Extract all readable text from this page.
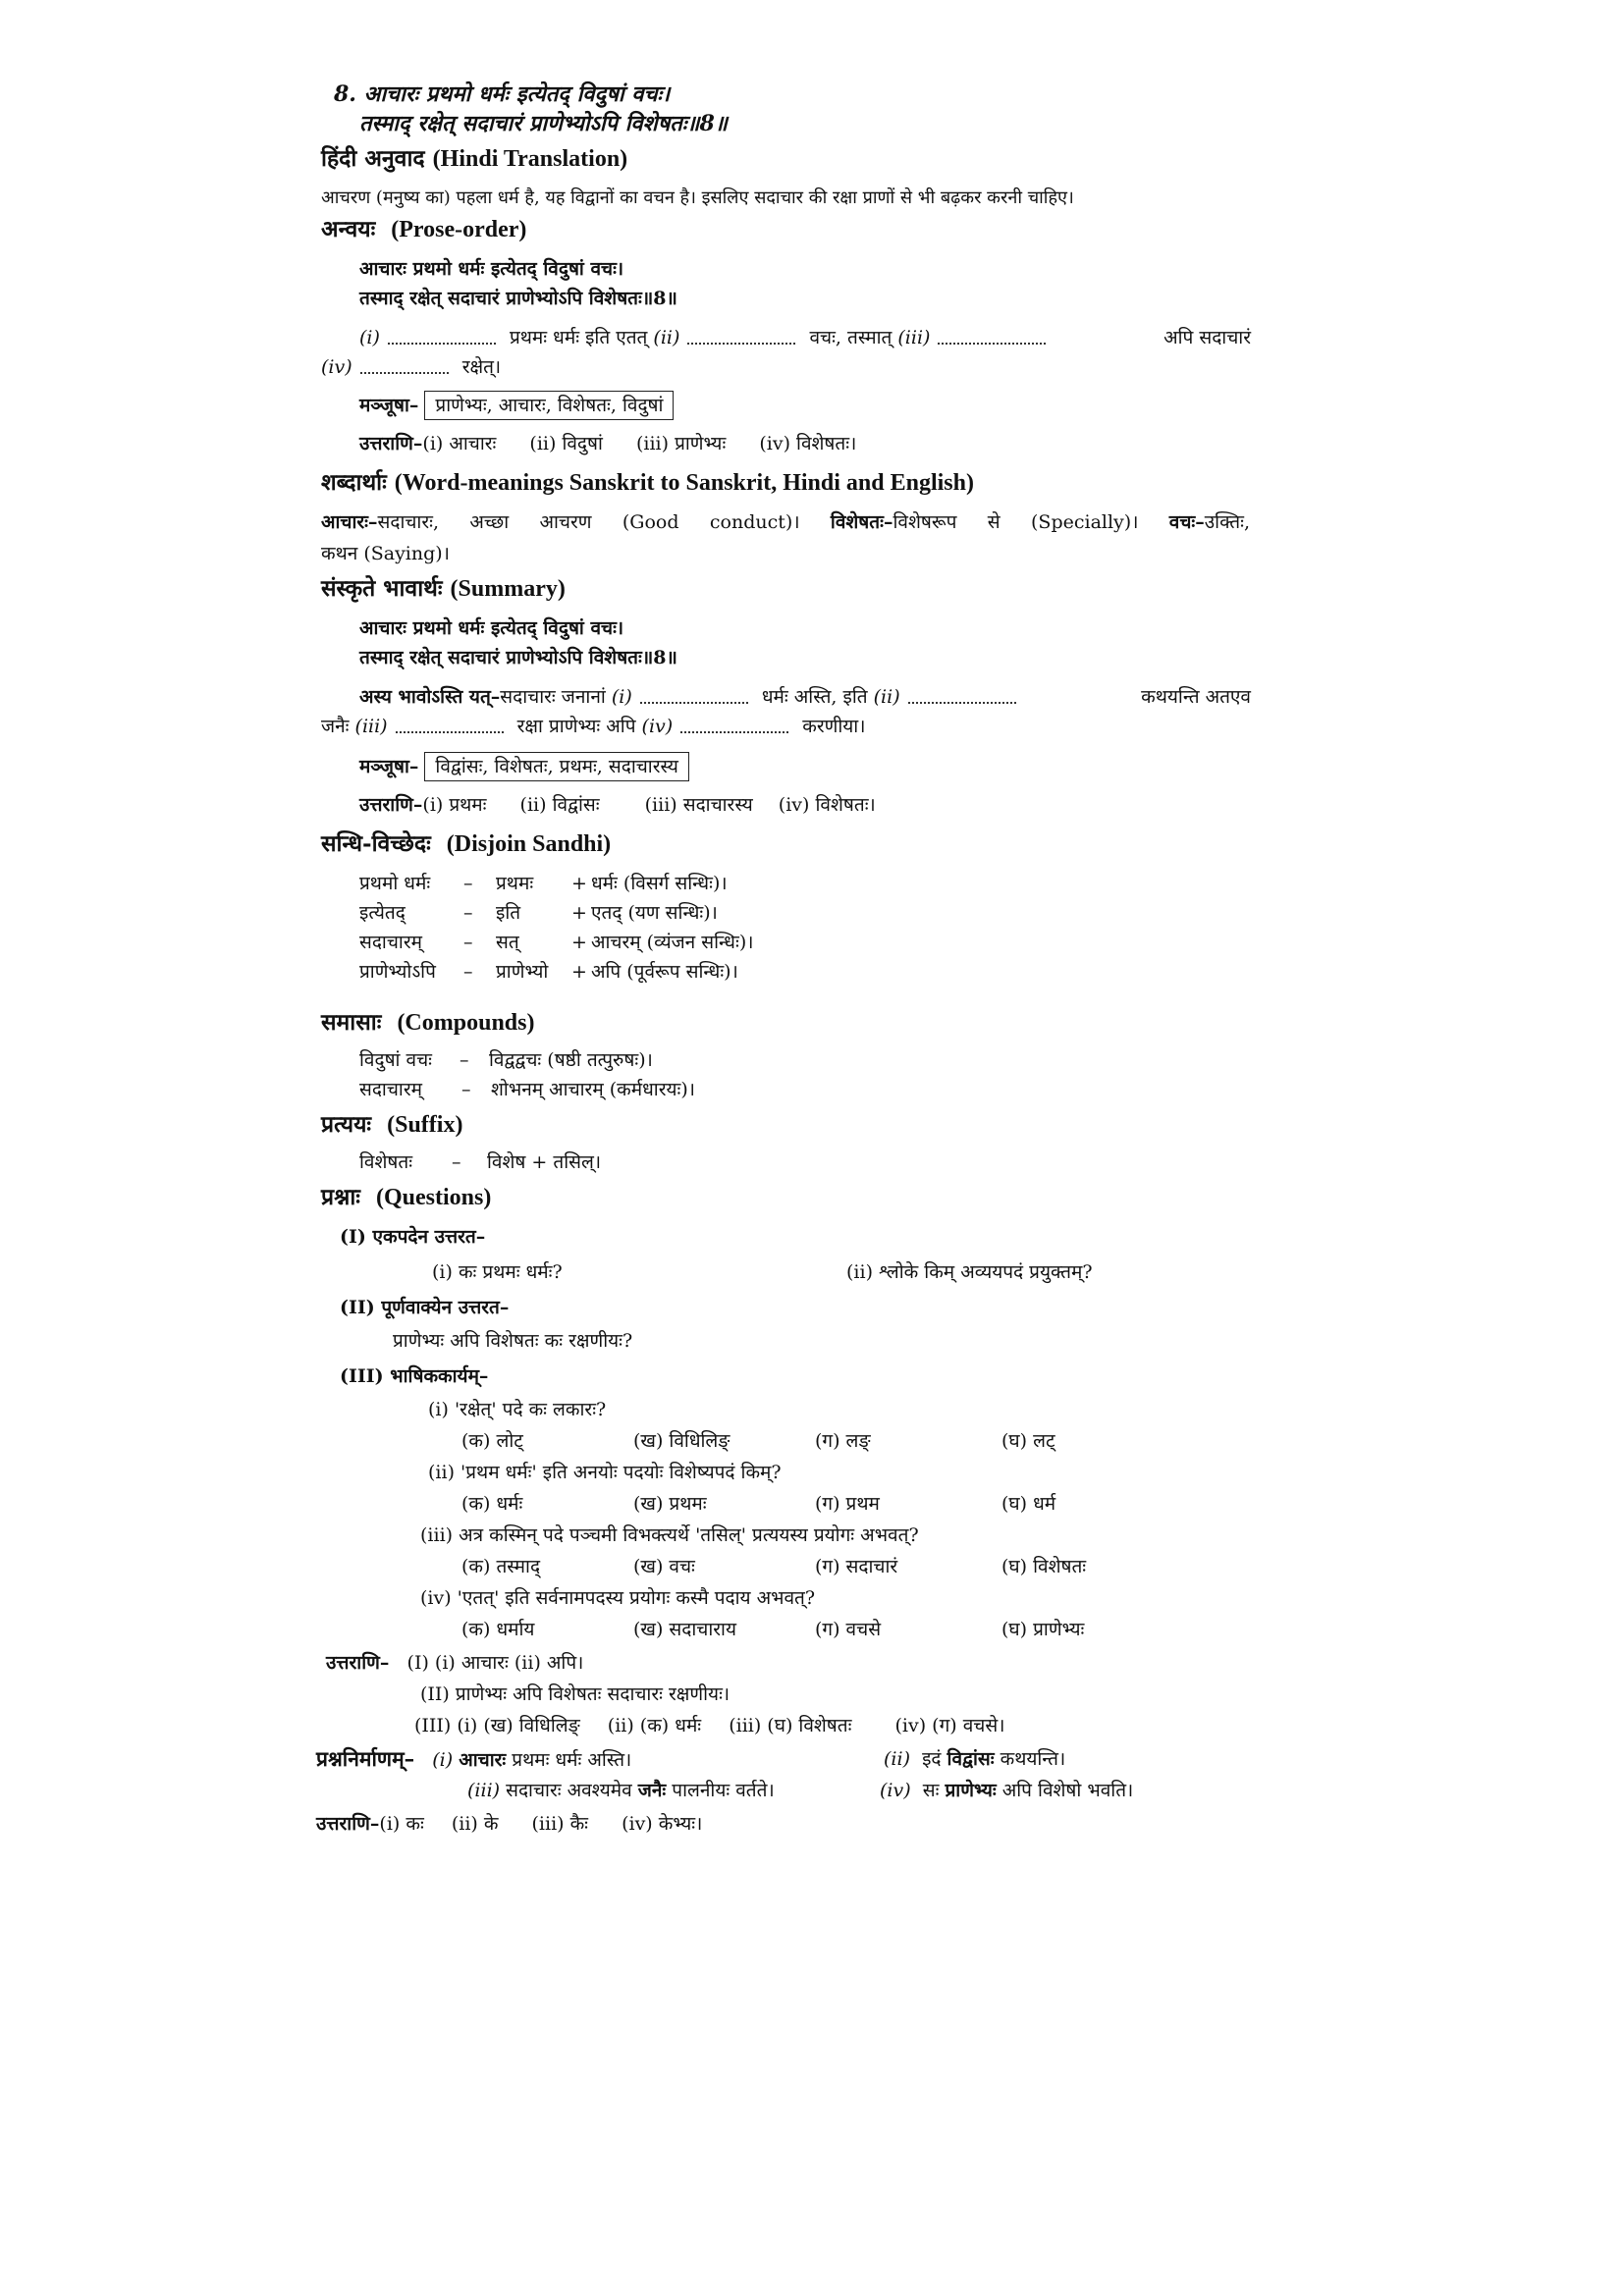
8. आचारः प्रथमो धर्मः इत्येतद् विदुषां वचः।
तस्माद् रक्षेत् सदाचारं प्राणेभ्योऽपि विशेषतः॥8॥
हिंदी अनुवाद (Hindi Translation)
आचरण (मनुष्य का) पहला धर्म है, यह विद्वानों का वचन है। इसलिए सदाचार की रक्षा प्राणों से भी बढ़कर करनी चाहिए।
अन्वयः (Prose-order)
आचारः प्रथमो धर्मः इत्येतद् विदुषां वचः।
तस्माद् रक्षेत् सदाचारं प्राणेभ्योऽपि विशेषतः॥8॥
(i)	प्रथमः धर्मः इति एतत् (ii)	वचः, तस्मात् (iii)	अपि सदाचारं
(iv)	रक्षेत्।
मञ्जूषा– प्राणेभ्यः, आचारः, विशेषतः, विदुषां
उत्तराणि–(i) आचारः (ii) विदुषां (iii) प्राणेभ्यः (iv) विशेषतः।
शब्दार्थाः (Word-meanings Sanskrit to Sanskrit, Hindi and English)
आचारः–सदाचारः, अच्छा आचरण (Good conduct)। विशेषतः–विशेषरूप से (Specially)। वचः–उक्तिः,
कथन (Saying)।
संस्कृते भावार्थः (Summary)
आचारः प्रथमो धर्मः इत्येतद् विदुषां वचः।
तस्माद् रक्षेत् सदाचारं प्राणेभ्योऽपि विशेषतः॥8॥
अस्य भावोऽस्ति यत्–सदाचारः जनानां (i)	धर्मः अस्ति, इति (ii)	कथयन्ति अतएव
जनैः (iii)	रक्षा प्राणेभ्यः अपि (iv)	करणीया।
मञ्जूषा– विद्वांसः, विशेषतः, प्रथमः, सदाचारस्य
उत्तराणि–(i) प्रथमः (ii) विद्वांसः (iii) सदाचारस्य (iv) विशेषतः।
सन्धि-विच्छेदः (Disjoin Sandhi)
प्रथमो धर्मः – प्रथमः + धर्मः (विसर्ग सन्धिः)।
इत्येतद्	– इति	+ एतद् (यण सन्धिः)।
सदाचारम् – सत्	+ आचरम् (व्यंजन सन्धिः)।
प्राणेभ्योऽपि – प्राणेभ्यो + अपि (पूर्वरूप सन्धिः)।
समासाः (Compounds)
विदुषां वचः – विद्वद्वचः (षष्ठी तत्पुरुषः)।
सदाचारम् – शोभनम् आचारम् (कर्मधारयः)।
प्रत्ययः (Suffix)
विशेषतः – विशेष + तसिल्।
प्रश्नाः (Questions)
(I) एकपदेन उत्तरत–
(i) कः प्रथमः धर्मः?	(ii) श्लोके किम् अव्ययपदं प्रयुक्तम्?
(II) पूर्णवाक्येन उत्तरत–
प्राणेभ्यः अपि विशेषतः कः रक्षणीयः?
(III) भाषिककार्यम्–
(i) 'रक्षेत्' पदे कः लकारः?
(क) लोट्	(ख) विधिलिङ्	(ग) लङ्	(घ) लट्
(ii) 'प्रथम धर्मः' इति अनयोः पदयोः विशेष्यपदं किम्?
(क) धर्मः	(ख) प्रथमः	(ग) प्रथम	(घ) धर्म
(iii) अत्र कस्मिन् पदे पञ्चमी विभक्त्यर्थे 'तसिल्' प्रत्ययस्य प्रयोगः अभवत्?
(क) तस्माद्	(ख) वचः	(ग) सदाचारं	(घ) विशेषतः
(iv) 'एतत्' इति सर्वनामपदस्य प्रयोगः कस्मै पदाय अभवत्?
(क) धर्माय	(ख) सदाचाराय	(ग) वचसे	(घ) प्राणेभ्यः
उत्तराणि– (I) (i) आचारः (ii) अपि।
(II) प्राणेभ्यः अपि विशेषतः सदाचारः रक्षणीयः।
(III) (i) (ख) विधिलिङ् (ii) (क) धर्मः (iii) (घ) विशेषतः (iv) (ग) वचसे।
प्रश्ननिर्माणम्– (i) आचारः प्रथमः धर्मः अस्ति।	(ii) इदं विद्वांसः कथयन्ति।
(iii) सदाचारः अवश्यमेव जनैः पालनीयः वर्तते।	(iv) सः प्राणेभ्यः अपि विशेषो भवति।
उत्तराणि–(i) कः (ii) के (iii) कैः (iv) केभ्यः।
